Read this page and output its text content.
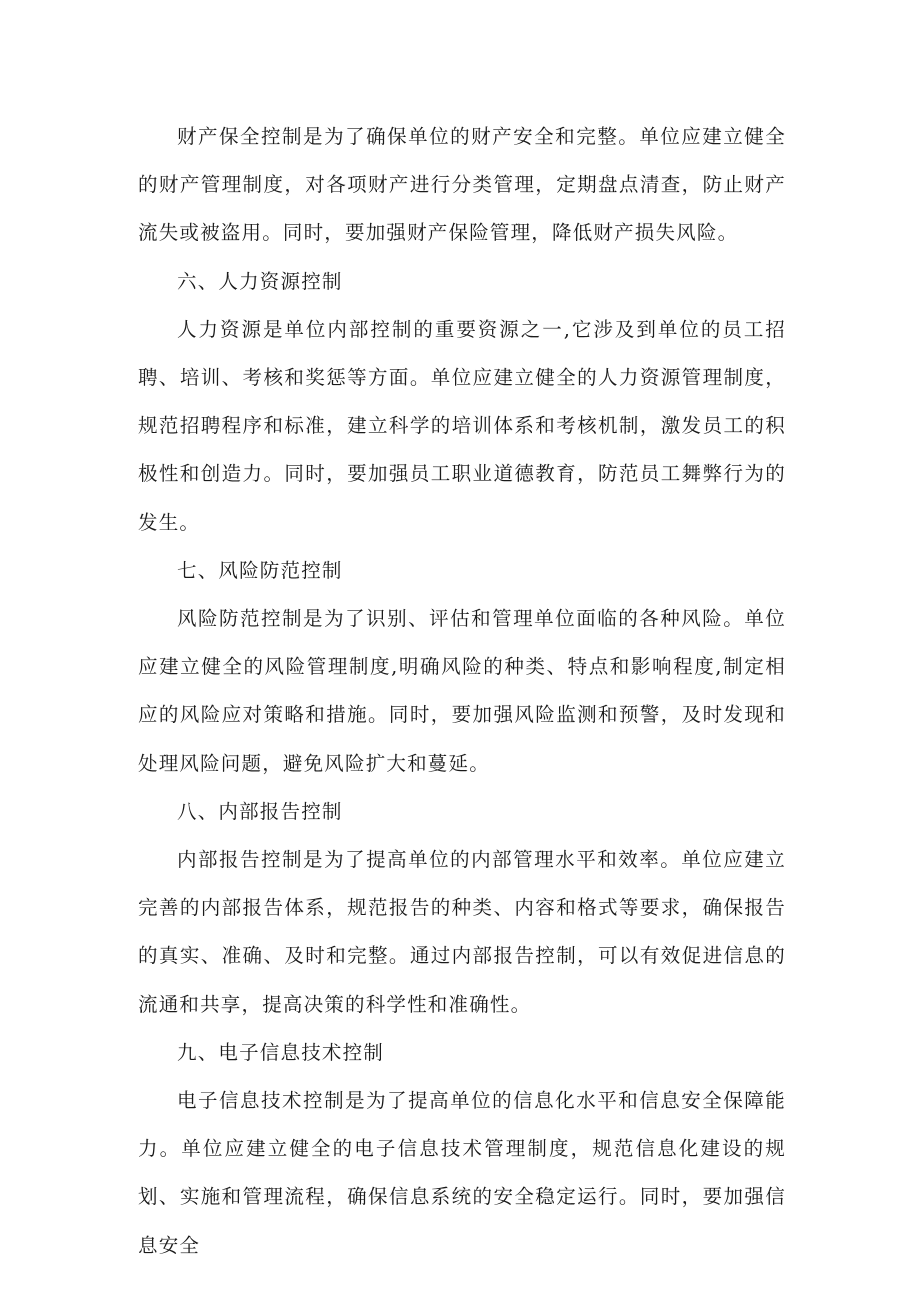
财产保全控制是为了确保单位的财产安全和完整。单位应建立健全的财产管理制度，对各项财产进行分类管理，定期盘点清查，防止财产流失或被盗用。同时，要加强财产保险管理，降低财产损失风险。

六、人力资源控制

人力资源是单位内部控制的重要资源之一,它涉及到单位的员工招聘、培训、考核和奖惩等方面。单位应建立健全的人力资源管理制度，规范招聘程序和标准，建立科学的培训体系和考核机制，激发员工的积极性和创造力。同时，要加强员工职业道德教育，防范员工舞弊行为的发生。

七、风险防范控制

风险防范控制是为了识别、评估和管理单位面临的各种风险。单位应建立健全的风险管理制度,明确风险的种类、特点和影响程度,制定相应的风险应对策略和措施。同时，要加强风险监测和预警，及时发现和处理风险问题，避免风险扩大和蔓延。

八、内部报告控制

内部报告控制是为了提高单位的内部管理水平和效率。单位应建立完善的内部报告体系，规范报告的种类、内容和格式等要求，确保报告的真实、准确、及时和完整。通过内部报告控制，可以有效促进信息的流通和共享，提高决策的科学性和准确性。

九、电子信息技术控制

电子信息技术控制是为了提高单位的信息化水平和信息安全保障能力。单位应建立健全的电子信息技术管理制度，规范信息化建设的规划、实施和管理流程，确保信息系统的安全稳定运行。同时，要加强信息安全
